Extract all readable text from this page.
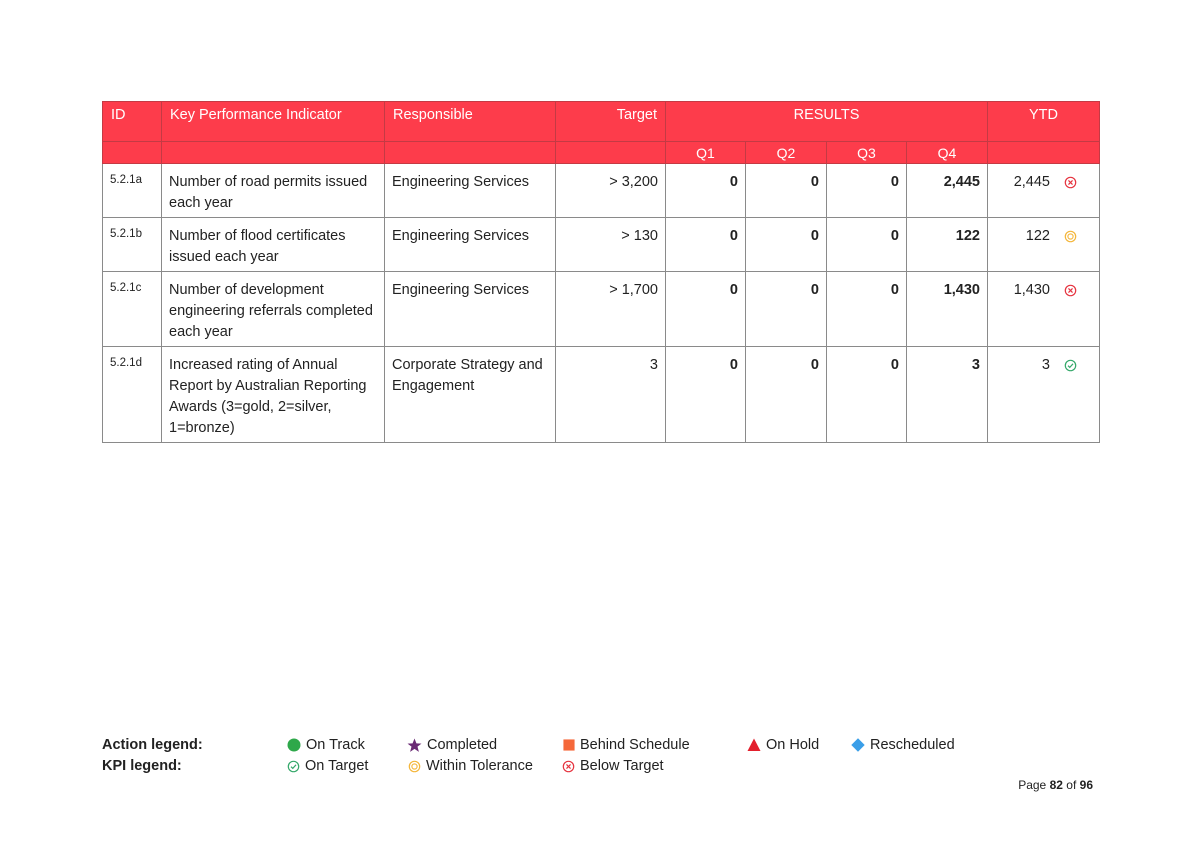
ID	Key Performance Indicator	Responsible	Target	RESULTS				YTD
				Q1	Q2	Q3	Q4	
5.2.1a	Number of road permits issued each year	Engineering Services	> 3,200	0	0	0	2,445	2,445

5.2.1b	Number of flood certificates issued each year	Engineering Services	> 130	0	0	0	122	122

5.2.1c	Number of development engineering referrals completed each year	Engineering Services	> 1,700	0	0	0	1,430	1,430

5.2.1d	Increased rating of Annual Report by Australian Reporting Awards (3=gold, 2=silver, 1=bronze)	Corporate Strategy and Engagement	3	0	0	0	3	3
Action legend:
KPI legend:
On Track	Completed	Behind Schedule	On Hold	Rescheduled
On Target	Within Tolerance	Below Target
Page 82 of 96
